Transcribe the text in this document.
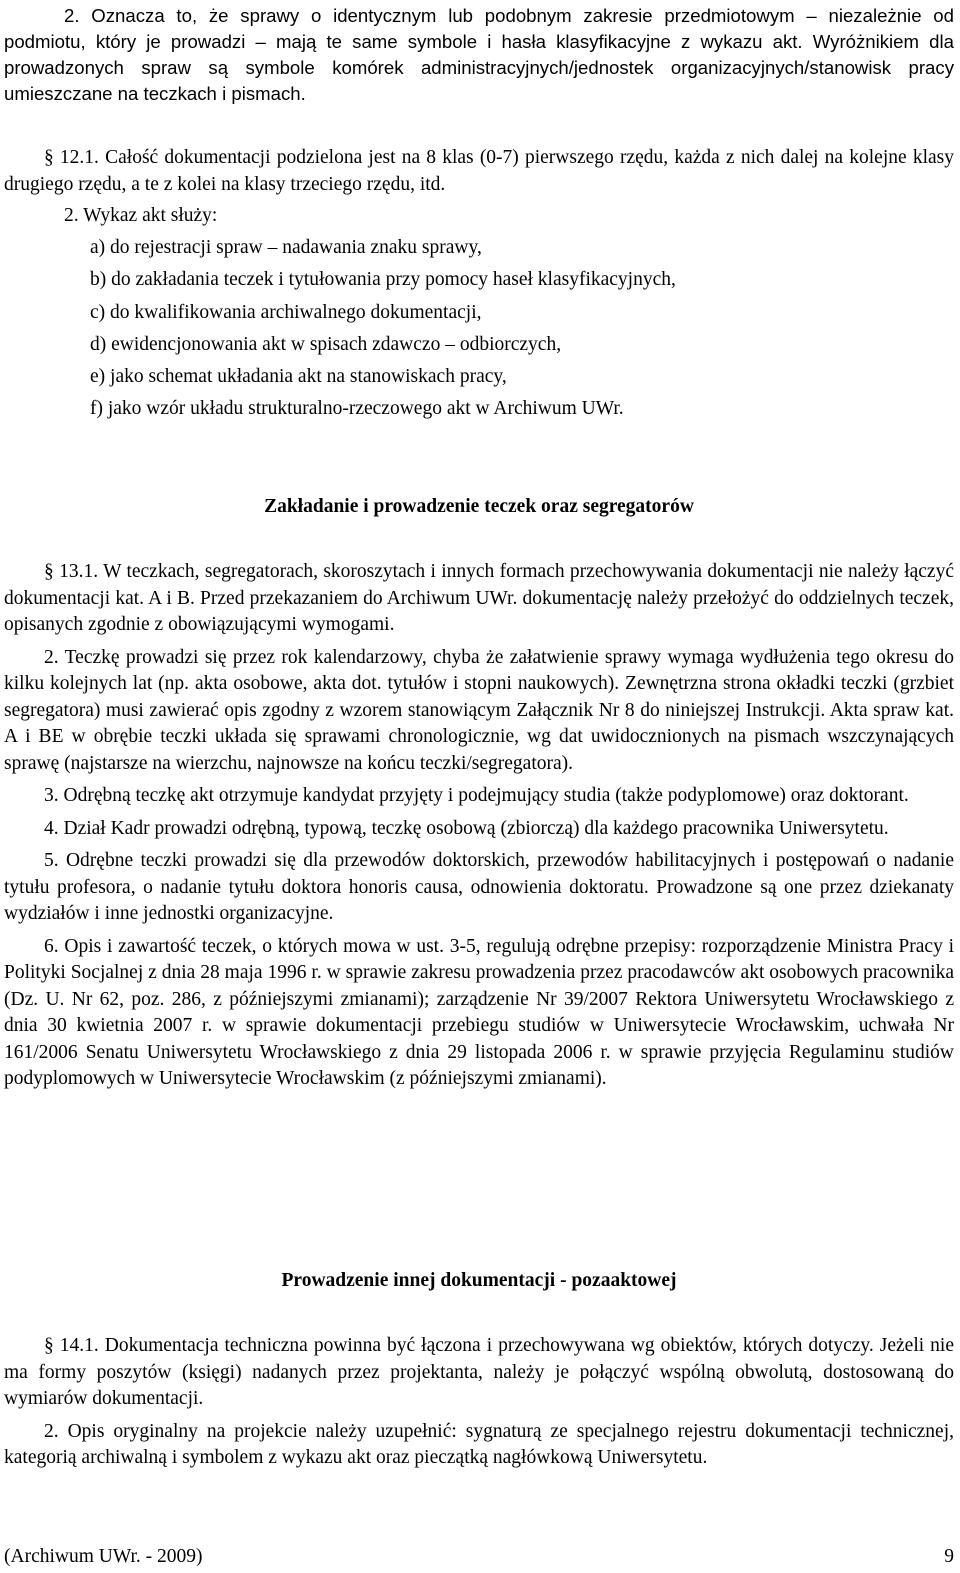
2. Oznacza to, że sprawy o identycznym lub podobnym zakresie przedmiotowym – niezależnie od podmiotu, który je prowadzi – mają te same symbole i hasła klasyfikacyjne z wykazu akt. Wyróżnikiem dla prowadzonych spraw są symbole komórek administracyjnych/jednostek organizacyjnych/stanowisk pracy umieszczane na teczkach i pismach.

§ 12.1. Całość dokumentacji podzielona jest na 8 klas (0-7) pierwszego rzędu, każda z nich dalej na kolejne klasy drugiego rzędu, a te z kolei na klasy trzeciego rzędu, itd.

2. Wykaz akt służy:

a) do rejestracji spraw – nadawania znaku sprawy,
b) do zakładania teczek i tytułowania przy pomocy haseł klasyfikacyjnych,
c) do kwalifikowania archiwalnego dokumentacji,
d) ewidencjonowania akt w spisach zdawczo – odbiorczych,
e) jako schemat układania akt na stanowiskach pracy,
f) jako wzór układu strukturalno-rzeczowego akt w Archiwum UWr.

Zakładanie i prowadzenie teczek oraz segregatorów

§ 13.1. W teczkach, segregatorach, skoroszytach i innych formach przechowywania dokumentacji nie należy łączyć dokumentacji kat. A i B. Przed przekazaniem do Archiwum UWr. dokumentację należy przełożyć do oddzielnych teczek, opisanych zgodnie z obowiązującymi wymogami.

2. Teczkę prowadzi się przez rok kalendarzowy, chyba że załatwienie sprawy wymaga wydłużenia tego okresu do kilku kolejnych lat (np. akta osobowe, akta dot. tytułów i stopni naukowych). Zewnętrzna strona okładki teczki (grzbiet segregatora) musi zawierać opis zgodny z wzorem stanowiącym Załącznik Nr 8 do niniejszej Instrukcji. Akta spraw kat. A i BE w obrębie teczki układa się sprawami chronologicznie, wg dat uwidocznionych na pismach wszczynających sprawę (najstarsze na wierzchu, najnowsze na końcu teczki/segregatora).

3. Odrębną teczkę akt otrzymuje kandydat przyjęty i podejmujący studia (także podyplomowe) oraz doktorant.

4. Dział Kadr prowadzi odrębną, typową, teczkę osobową (zbiorczą) dla każdego pracownika Uniwersytetu.

5. Odrębne teczki prowadzi się dla przewodów doktorskich, przewodów habilitacyjnych i postępowań o nadanie tytułu profesora, o nadanie tytułu doktora honoris causa, odnowienia doktoratu. Prowadzone są one przez dziekanaty wydziałów i inne jednostki organizacyjne.

6. Opis i zawartość teczek, o których mowa w ust. 3-5, regulują odrębne przepisy: rozporządzenie Ministra Pracy i Polityki Socjalnej z dnia 28 maja 1996 r. w sprawie zakresu prowadzenia przez pracodawców akt osobowych pracownika (Dz. U. Nr 62, poz. 286, z późniejszymi zmianami); zarządzenie Nr 39/2007 Rektora Uniwersytetu Wrocławskiego z dnia 30 kwietnia 2007 r. w sprawie dokumentacji przebiegu studiów w Uniwersytecie Wrocławskim, uchwała Nr 161/2006 Senatu Uniwersytetu Wrocławskiego z dnia 29 listopada 2006 r. w sprawie przyjęcia Regulaminu studiów podyplomowych w Uniwersytecie Wrocławskim (z późniejszymi zmianami).

Prowadzenie innej dokumentacji - pozaaktowej

§ 14.1. Dokumentacja techniczna powinna być łączona i przechowywana wg obiektów, których dotyczy. Jeżeli nie ma formy poszytów (księgi) nadanych przez projektanta, należy je połączyć wspólną obwolutą, dostosowaną do wymiarów dokumentacji.

2. Opis oryginalny na projekcie należy uzupełnić: sygnaturą ze specjalnego rejestru dokumentacji technicznej, kategorią archiwalną i symbolem z wykazu akt oraz pieczątką nagłówkową Uniwersytetu.

(Archiwum UWr. - 2009)	9
